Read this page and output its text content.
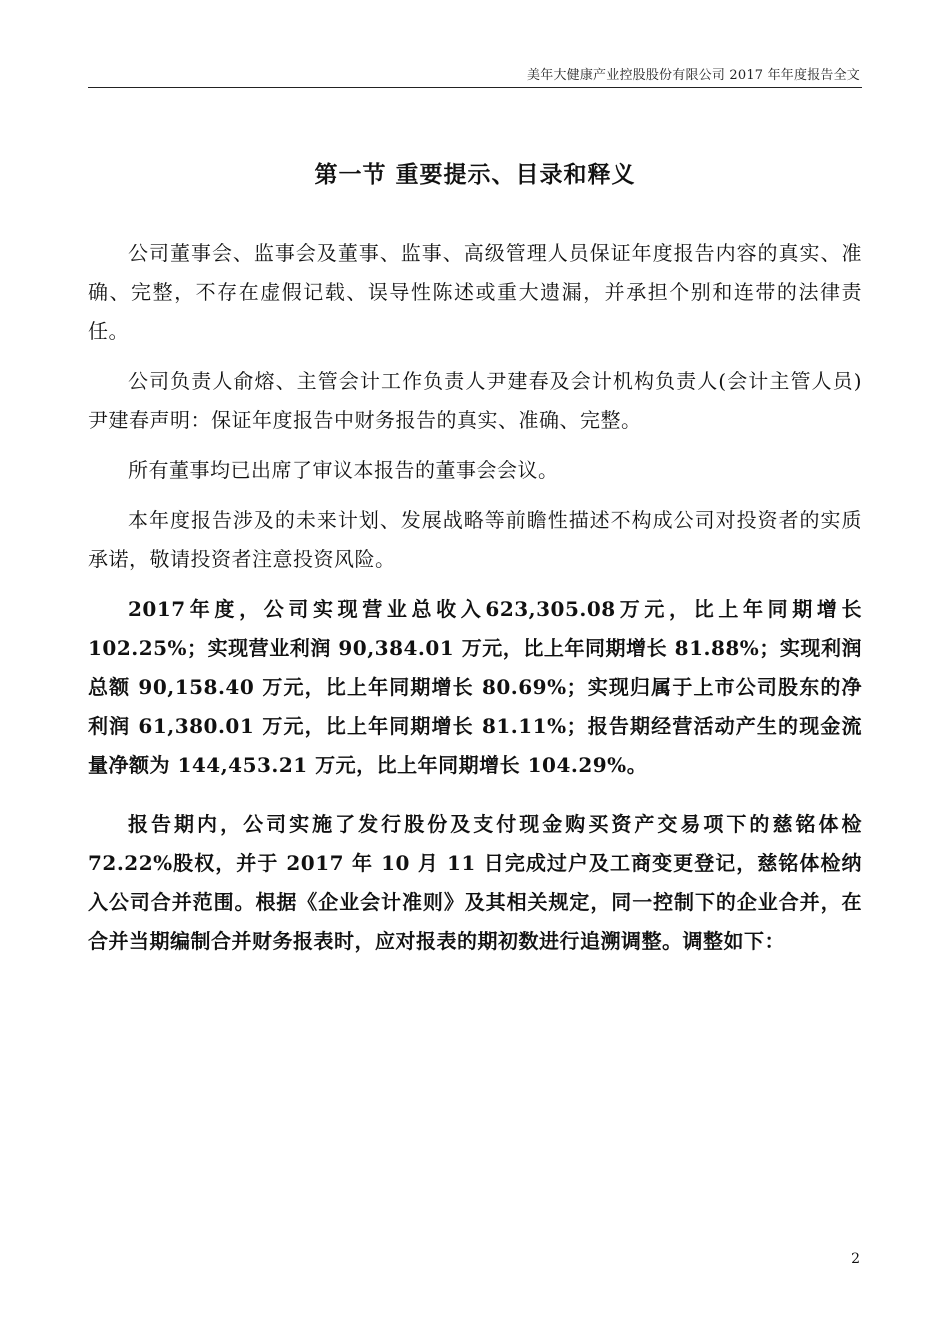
美年大健康产业控股股份有限公司 2017 年年度报告全文
第一节 重要提示、目录和释义

公司董事会、监事会及董事、监事、高级管理人员保证年度报告内容的真实、准确、完整，不存在虚假记载、误导性陈述或重大遗漏，并承担个别和连带的法律责任。

公司负责人俞熔、主管会计工作负责人尹建春及会计机构负责人(会计主管人员)尹建春声明：保证年度报告中财务报告的真实、准确、完整。

所有董事均已出席了审议本报告的董事会会议。

本年度报告涉及的未来计划、发展战略等前瞻性描述不构成公司对投资者的实质承诺，敬请投资者注意投资风险。

2017年度，公司实现营业总收入623,305.08万元，比上年同期增长102.25%；实现营业利润 90,384.01 万元，比上年同期增长 81.88%；实现利润总额 90,158.40 万元，比上年同期增长 80.69%；实现归属于上市公司股东的净利润 61,380.01 万元，比上年同期增长 81.11%；报告期经营活动产生的现金流量净额为 144,453.21 万元，比上年同期增长 104.29%。

报告期内，公司实施了发行股份及支付现金购买资产交易项下的慈铭体检 72.22%股权，并于 2017 年 10 月 11 日完成过户及工商变更登记，慈铭体检纳入公司合并范围。根据《企业会计准则》及其相关规定，同一控制下的企业合并，在合并当期编制合并财务报表时，应对报表的期初数进行追溯调整。调整如下：

2
